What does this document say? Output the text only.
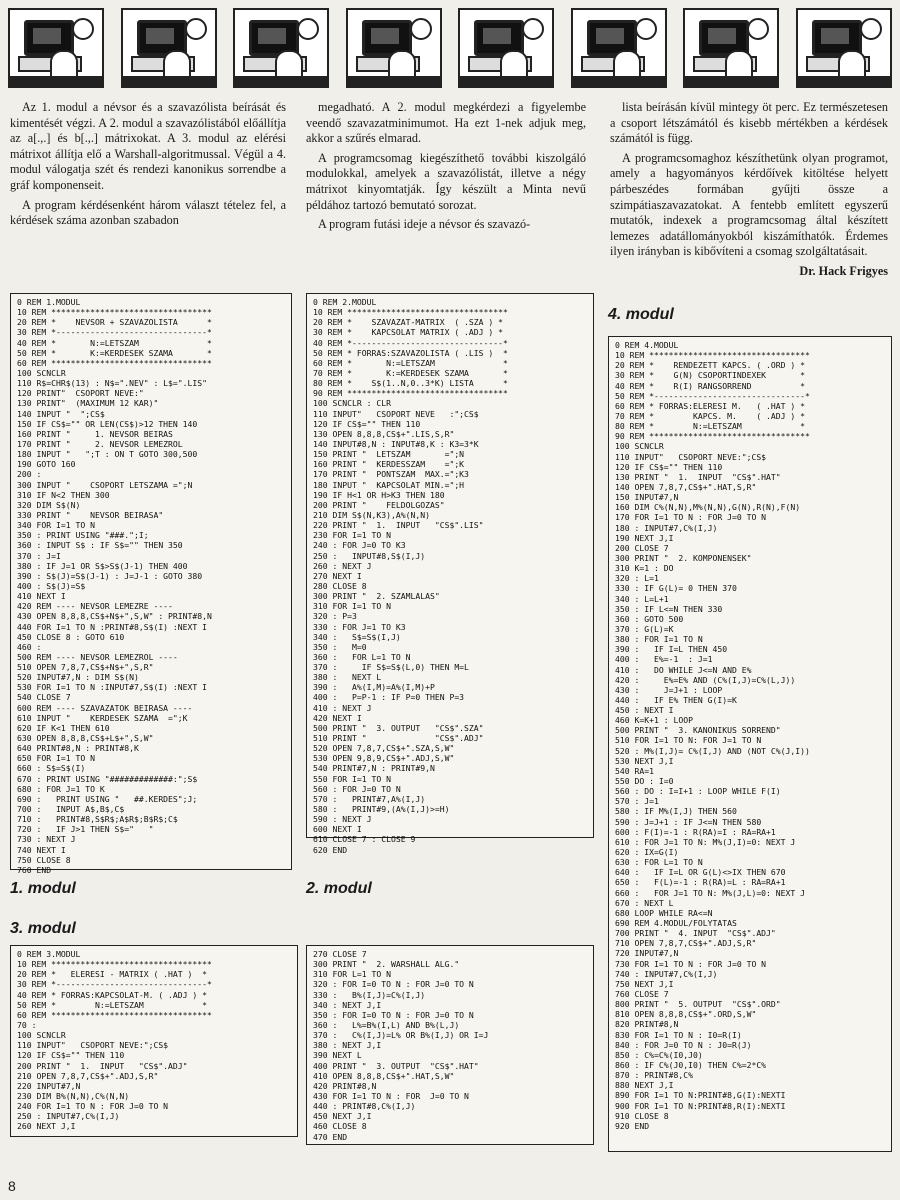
Az 1. modul a névsor és a szavazólista beírását és kimentését végzi. A 2. modul a szavazólistából előállítja az a[.,.] és b[.,.] mátrixokat. A 3. modul az elérési mátrixot állítja elő a Warshall-algoritmussal. Végül a 4. modul válogatja szét és rendezi kanonikus sorrendbe a gráf komponenseit.

A program kérdésenként három választ tételez fel, a kérdések száma azonban szabadon

megadható. A 2. modul megkérdezi a figyelembe veendő szavazatminimumot. Ha ezt 1-nek adjuk meg, akkor a szűrés elmarad.

A programcsomag kiegészíthető további kiszolgáló modulokkal, amelyek a szavazólistát, illetve a négy mátrixot kinyomtatják. Így készült a Minta nevű példához tartozó bemutató sorozat.

A program futási ideje a névsor és szavazó-

lista beírásán kívül mintegy öt perc. Ez természetesen a csoport létszámától és kisebb mértékben a kérdések számától is függ.

A programcsomaghoz készíthetünk olyan programot, amely a hagyományos kérdőívek kitöltése helyett párbeszédes formában gyűjti össze a szimpátiaszavazatokat. A fentebb említett egyszerű mutatók, indexek a programcsomag által készített lemezes adatállományokból kiszámíthatók. Érdemes ilyen irányban is kibővíteni a csomag szolgáltatásait.

Dr. Hack Frigyes
0 REM 1.MODUL
10 REM *********************************
20 REM *    NEVSOR + SZAVAZOLISTA      *
30 REM *-------------------------------*
40 REM *       N:=LETSZAM              *
50 REM *       K:=KERDESEK SZAMA       *
60 REM *********************************
100 SCNCLR
110 R$=CHR$(13) : N$=".NEV" : L$=".LIS"
120 PRINT"  CSOPORT NEVE:"
130 PRINT"  (MAXIMUM 12 KAR)"
140 INPUT "  ";CS$
150 IF CS$="" OR LEN(CS$)>12 THEN 140
160 PRINT "     1. NEVSOR BEIRAS
170 PRINT "     2. NEVSOR LEMEZROL
180 INPUT "   ";T : ON T GOTO 300,500
190 GOTO 160
200 :
300 INPUT "    CSOPORT LETSZAMA =";N
310 IF N<2 THEN 300
320 DIM S$(N)
330 PRINT "    NEVSOR BEIRASA"
340 FOR I=1 TO N
350 : PRINT USING "###.";I;
360 : INPUT S$ : IF S$="" THEN 350
370 : J=I
380 : IF J=1 OR S$>S$(J-1) THEN 400
390 : S$(J)=S$(J-1) : J=J-1 : GOTO 380
400 : S$(J)=S$
410 NEXT I
420 REM ---- NEVSOR LEMEZRE ----
430 OPEN 8,8,8,CS$+N$+",S,W" : PRINT#8,N
440 FOR I=1 TO N :PRINT#8,S$(I) :NEXT I
450 CLOSE 8 : GOTO 610
460 :
500 REM ---- NEVSOR LEMEZROL ----
510 OPEN 7,8,7,CS$+N$+",S,R"
520 INPUT#7,N : DIM S$(N)
530 FOR I=1 TO N :INPUT#7,S$(I) :NEXT I
540 CLOSE 7
600 REM ---- SZAVAZATOK BEIRASA ----
610 INPUT "    KERDESEK SZAMA  =";K
620 IF K<1 THEN 610
630 OPEN 8,8,8,CS$+L$+",S,W"
640 PRINT#8,N : PRINT#8,K
650 FOR I=1 TO N
660 : S$=S$(I)
670 : PRINT USING "#############:";S$
680 : FOR J=1 TO K
690 :   PRINT USING "   ##.KERDES";J;
700 :   INPUT A$,B$,C$
710 :   PRINT#8,S$R$;A$R$;B$R$;C$
720 :   IF J>1 THEN S$="   "
730 : NEXT J
740 NEXT I
750 CLOSE 8
760 END
0 REM 2.MODUL
10 REM *********************************
20 REM *    SZAVAZAT-MATRIX  ( .SZA ) *
30 REM *    KAPCSOLAT MATRIX ( .ADJ ) *
40 REM *-------------------------------*
50 REM * FORRAS:SZAVAZOLISTA ( .LIS )  *
60 REM *       N:=LETSZAM              *
70 REM *       K:=KERDESEK SZAMA       *
80 REM *    S$(1..N,0..3*K) LISTA      *
90 REM *********************************
100 SCNCLR : CLR
110 INPUT"   CSOPORT NEVE   :";CS$
120 IF CS$="" THEN 110
130 OPEN 8,8,8,CS$+".LIS,S,R"
140 INPUT#8,N : INPUT#8,K : K3=3*K
150 PRINT "  LETSZAM       =";N
160 PRINT "  KERDESSZAM    =";K
170 PRINT "  PONTSZAM  MAX.=";K3
180 INPUT "  KAPCSOLAT MIN.=";H
190 IF H<1 OR H>K3 THEN 180
200 PRINT "    FELDOLGOZAS"
210 DIM S$(N,K3),A%(N,N)
220 PRINT "  1.  INPUT   "CS$".LIS"
230 FOR I=1 TO N
240 : FOR J=0 TO K3
250 :   INPUT#8,S$(I,J)
260 : NEXT J
270 NEXT I
280 CLOSE 8
300 PRINT "  2. SZAMLALAS"
310 FOR I=1 TO N
320 : P=3
330 : FOR J=1 TO K3
340 :   S$=S$(I,J)
350 :   M=0
360 :   FOR L=1 TO N
370 :     IF S$=S$(L,0) THEN M=L
380 :   NEXT L
390 :   A%(I,M)=A%(I,M)+P
400 :   P=P-1 : IF P=0 THEN P=3
410 : NEXT J
420 NEXT I
500 PRINT "  3. OUTPUT   "CS$".SZA"
510 PRINT "              "CS$".ADJ"
520 OPEN 7,8,7,CS$+".SZA,S,W"
530 OPEN 9,8,9,CS$+".ADJ,S,W"
540 PRINT#7,N : PRINT#9,N
550 FOR I=1 TO N
560 : FOR J=0 TO N
570 :   PRINT#7,A%(I,J)
580 :   PRINT#9,(A%(I,J)>=H)
590 : NEXT J
600 NEXT I
610 CLOSE 7 : CLOSE 9
620 END
0 REM 3.MODUL
10 REM *********************************
20 REM *   ELERESI - MATRIX ( .HAT )  *
30 REM *-------------------------------*
40 REM * FORRAS:KAPCSOLAT-M. ( .ADJ ) *
50 REM *        N:=LETSZAM            *
60 REM *********************************
70 :
100 SCNCLR
110 INPUT"   CSOPORT NEVE:";CS$
120 IF CS$="" THEN 110
200 PRINT "  1.  INPUT   "CS$".ADJ"
210 OPEN 7,8,7,CS$+".ADJ,S,R"
220 INPUT#7,N
230 DIM B%(N,N),C%(N,N)
240 FOR I=1 TO N : FOR J=0 TO N
250 : INPUT#7,C%(I,J)
260 NEXT J,I
270 CLOSE 7
300 PRINT "  2. WARSHALL ALG."
310 FOR L=1 TO N
320 : FOR I=0 TO N : FOR J=0 TO N
330 :   B%(I,J)=C%(I,J)
340 : NEXT J,I
350 : FOR I=0 TO N : FOR J=0 TO N
360 :   L%=B%(I,L) AND B%(L,J)
370 :   C%(I,J)=L% OR B%(I,J) OR I=J
380 : NEXT J,I
390 NEXT L
400 PRINT "  3. OUTPUT  "CS$".HAT"
410 OPEN 8,8,8,CS$+".HAT,S,W"
420 PRINT#8,N
430 FOR I=1 TO N : FOR  J=0 TO N
440 : PRINT#8,C%(I,J)
450 NEXT J,I
460 CLOSE 8
470 END
0 REM 4.MODUL
10 REM *********************************
20 REM *    RENDEZETT KAPCS. ( .ORD ) *
30 REM *    G(N) CSOPORTINDEXEK       *
40 REM *    R(I) RANGSORREND          *
50 REM *-------------------------------*
60 REM * FORRAS:ELERESI M.   ( .HAT ) *
70 REM *        KAPCS. M.    ( .ADJ ) *
80 REM *        N:=LETSZAM            *
90 REM *********************************
100 SCNCLR
110 INPUT"   CSOPORT NEVE:";CS$
120 IF CS$="" THEN 110
130 PRINT "  1.  INPUT  "CS$".HAT"
140 OPEN 7,8,7,CS$+".HAT,S,R"
150 INPUT#7,N
160 DIM C%(N,N),M%(N,N),G(N),R(N),F(N)
170 FOR I=1 TO N : FOR J=0 TO N
180 : INPUT#7,C%(I,J)
190 NEXT J,I
200 CLOSE 7
300 PRINT "  2. KOMPONENSEK"
310 K=1 : DO
320 : L=1
330 : IF G(L)= 0 THEN 370
340 : L=L+1
350 : IF L<=N THEN 330
360 : GOTO 500
370 : G(L)=K
380 : FOR I=1 TO N
390 :   IF I=L THEN 450
400 :   E%=-1  : J=1
410 :   DO WHILE J<=N AND E%
420 :     E%=E% AND (C%(I,J)=C%(L,J))
430 :     J=J+1 : LOOP
440 :   IF E% THEN G(I)=K
450 : NEXT I
460 K=K+1 : LOOP
500 PRINT "  3. KANONIKUS SORREND"
510 FOR I=1 TO N: FOR J=1 TO N
520 : M%(I,J)= C%(I,J) AND (NOT C%(J,I))
530 NEXT J,I
540 RA=1
550 DO : I=0
560 : DO : I=I+1 : LOOP WHILE F(I)
570 : J=1
580 : IF M%(I,J) THEN 560
590 : J=J+1 : IF J<=N THEN 580
600 : F(I)=-1 : R(RA)=I : RA=RA+1
610 : FOR J=1 TO N: M%(J,I)=0: NEXT J
620 : IX=G(I)
630 : FOR L=1 TO N
640 :   IF I=L OR G(L)<>IX THEN 670
650 :   F(L)=-1 : R(RA)=L : RA=RA+1
660 :   FOR J=1 TO N: M%(J,L)=0: NEXT J
670 : NEXT L
680 LOOP WHILE RA<=N
690 REM 4.MODUL/FOLYTATAS
700 PRINT "  4. INPUT  "CS$".ADJ"
710 OPEN 7,8,7,CS$+".ADJ,S,R"
720 INPUT#7,N
730 FOR I=1 TO N : FOR J=0 TO N
740 : INPUT#7,C%(I,J)
750 NEXT J,I
760 CLOSE 7
800 PRINT "  5. OUTPUT  "CS$".ORD"
810 OPEN 8,8,8,CS$+".ORD,S,W"
820 PRINT#8,N
830 FOR I=1 TO N : I0=R(I)
840 : FOR J=0 TO N : J0=R(J)
850 : C%=C%(I0,J0)
860 : IF C%(J0,I0) THEN C%=2*C%
870 : PRINT#8,C%
880 NEXT J,I
890 FOR I=1 TO N:PRINT#8,G(I):NEXTI
900 FOR I=1 TO N:PRINT#8,R(I):NEXTI
910 CLOSE 8
920 END
1. modul	2. modul
3. modul
4. modul
8
